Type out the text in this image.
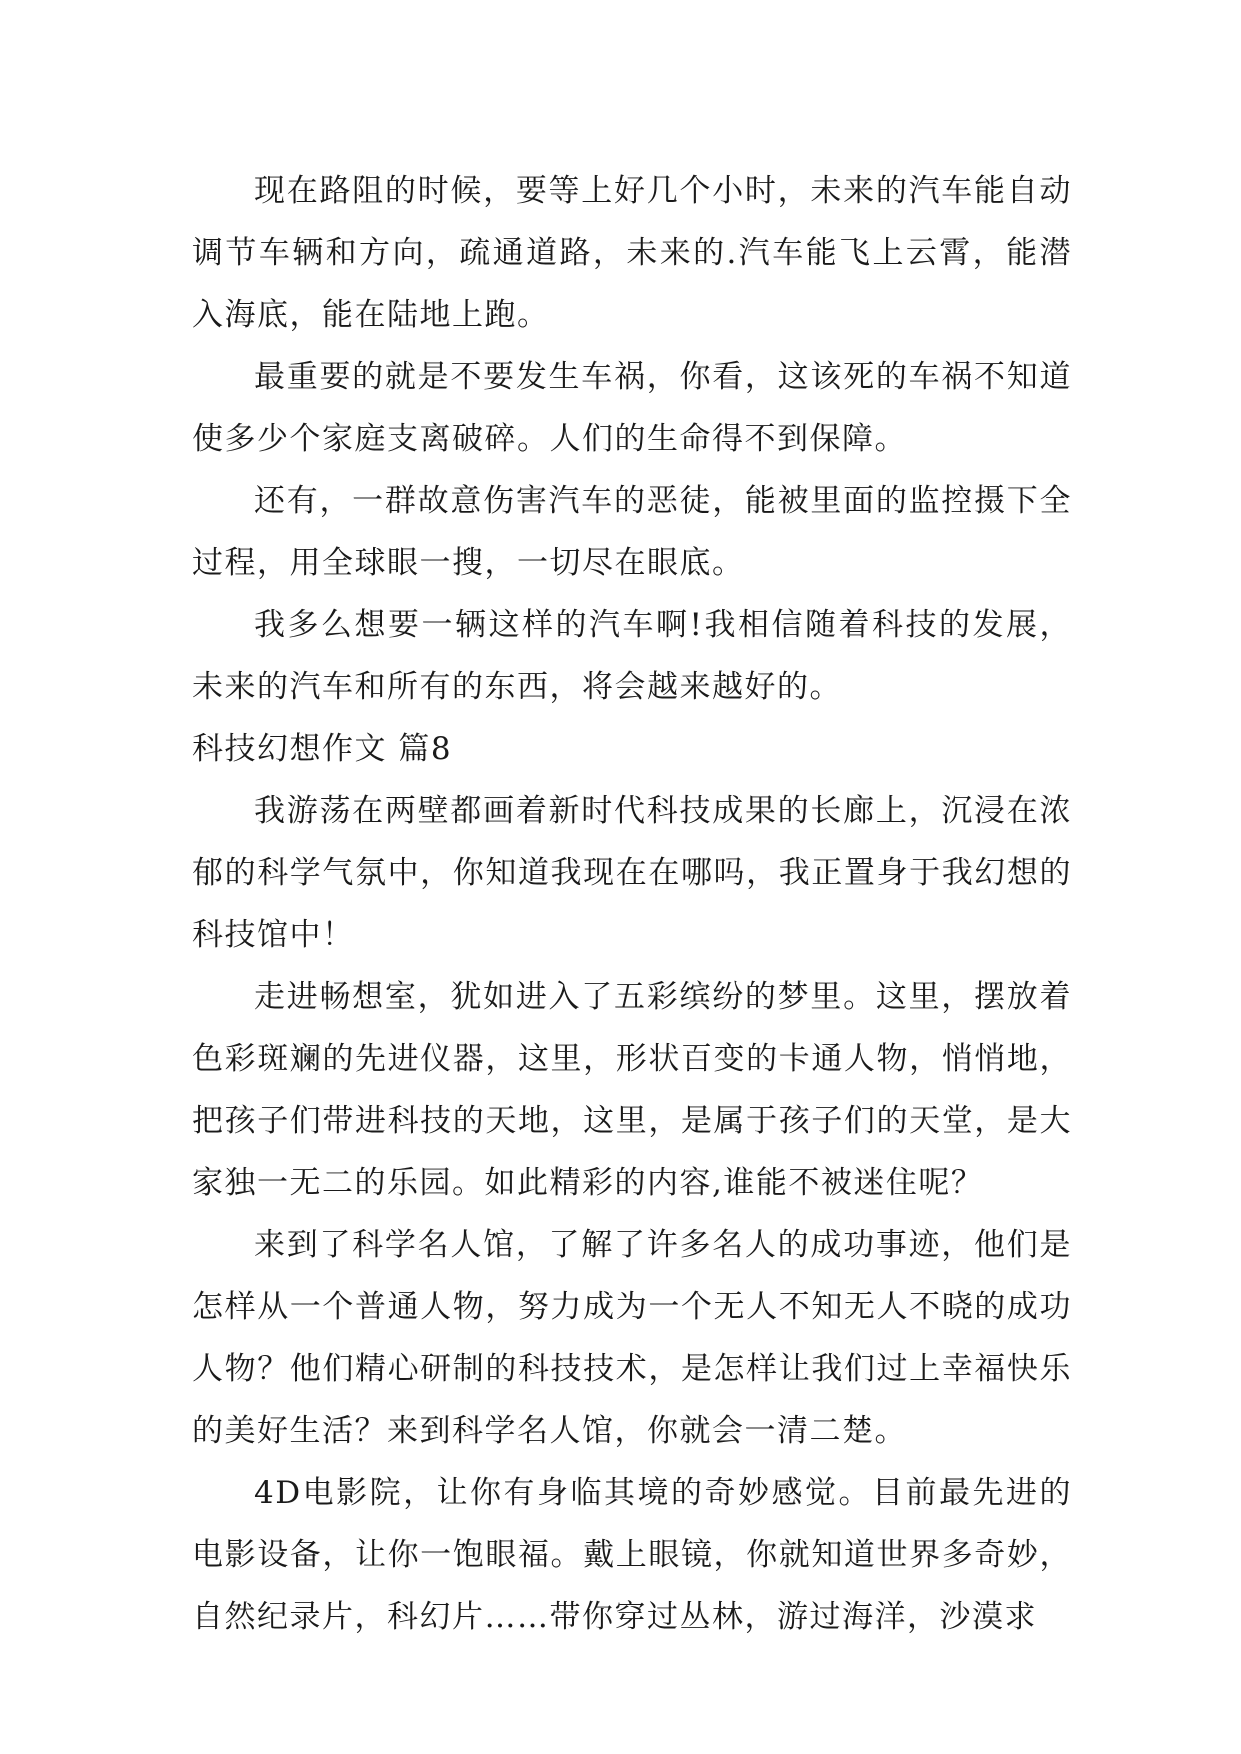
现在路阻的时候，要等上好几个小时，未来的汽车能自动调节车辆和方向，疏通道路，未来的.汽车能飞上云霄，能潜入海底，能在陆地上跑。

最重要的就是不要发生车祸，你看，这该死的车祸不知道使多少个家庭支离破碎。人们的生命得不到保障。

还有，一群故意伤害汽车的恶徒，能被里面的监控摄下全过程，用全球眼一搜，一切尽在眼底。

我多么想要一辆这样的汽车啊!我相信随着科技的发展，未来的汽车和所有的东西，将会越来越好的。

科技幻想作文 篇8

我游荡在两壁都画着新时代科技成果的长廊上，沉浸在浓郁的科学气氛中，你知道我现在在哪吗，我正置身于我幻想的科技馆中！

走进畅想室，犹如进入了五彩缤纷的梦里。这里，摆放着色彩斑斓的先进仪器，这里，形状百变的卡通人物，悄悄地，把孩子们带进科技的天地，这里，是属于孩子们的天堂，是大家独一无二的乐园。如此精彩的内容,谁能不被迷住呢？

来到了科学名人馆，了解了许多名人的成功事迹，他们是怎样从一个普通人物，努力成为一个无人不知无人不晓的成功人物？他们精心研制的科技技术，是怎样让我们过上幸福快乐的美好生活？来到科学名人馆，你就会一清二楚。

4D电影院，让你有身临其境的奇妙感觉。目前最先进的电影设备，让你一饱眼福。戴上眼镜，你就知道世界多奇妙，自然纪录片，科幻片……带你穿过丛林，游过海洋，沙漠求
